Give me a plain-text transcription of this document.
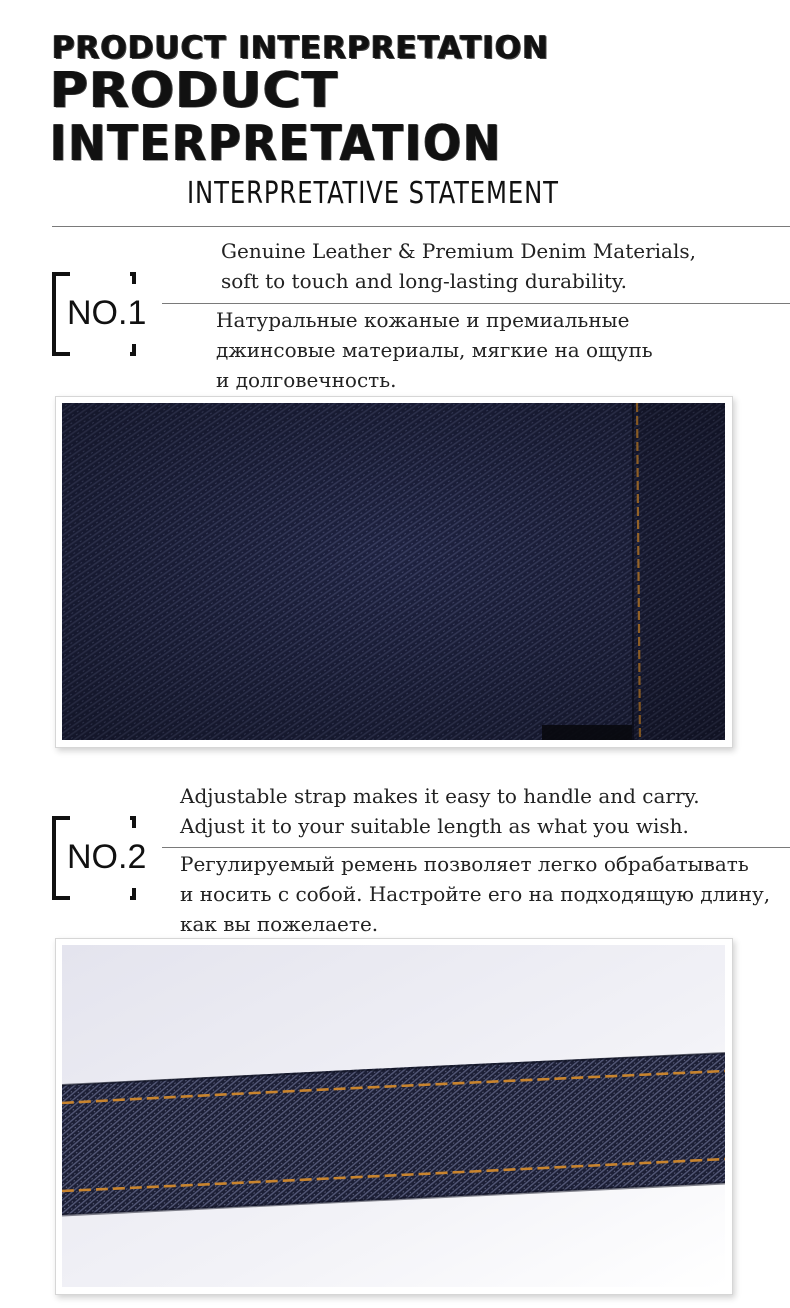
PRODUCT INTERPRETATION
PRODUCT
INTERPRETATION
INTERPRETATIVE STATEMENT
NO.1
Genuine Leather & Premium Denim Materials,
soft to touch and long-lasting durability.
Натуральные кожаные и премиальные
джинсовые материалы, мягкие на ощупь
и долговечность.
Adjustable strap makes it easy to handle and carry.
Adjust it to your suitable length as what you wish.
NO.2 Регулируемый ремень позволяет легко обрабатывать
и носить с собой. Настройте его на подходящую длину,
как вы пожелаете.
